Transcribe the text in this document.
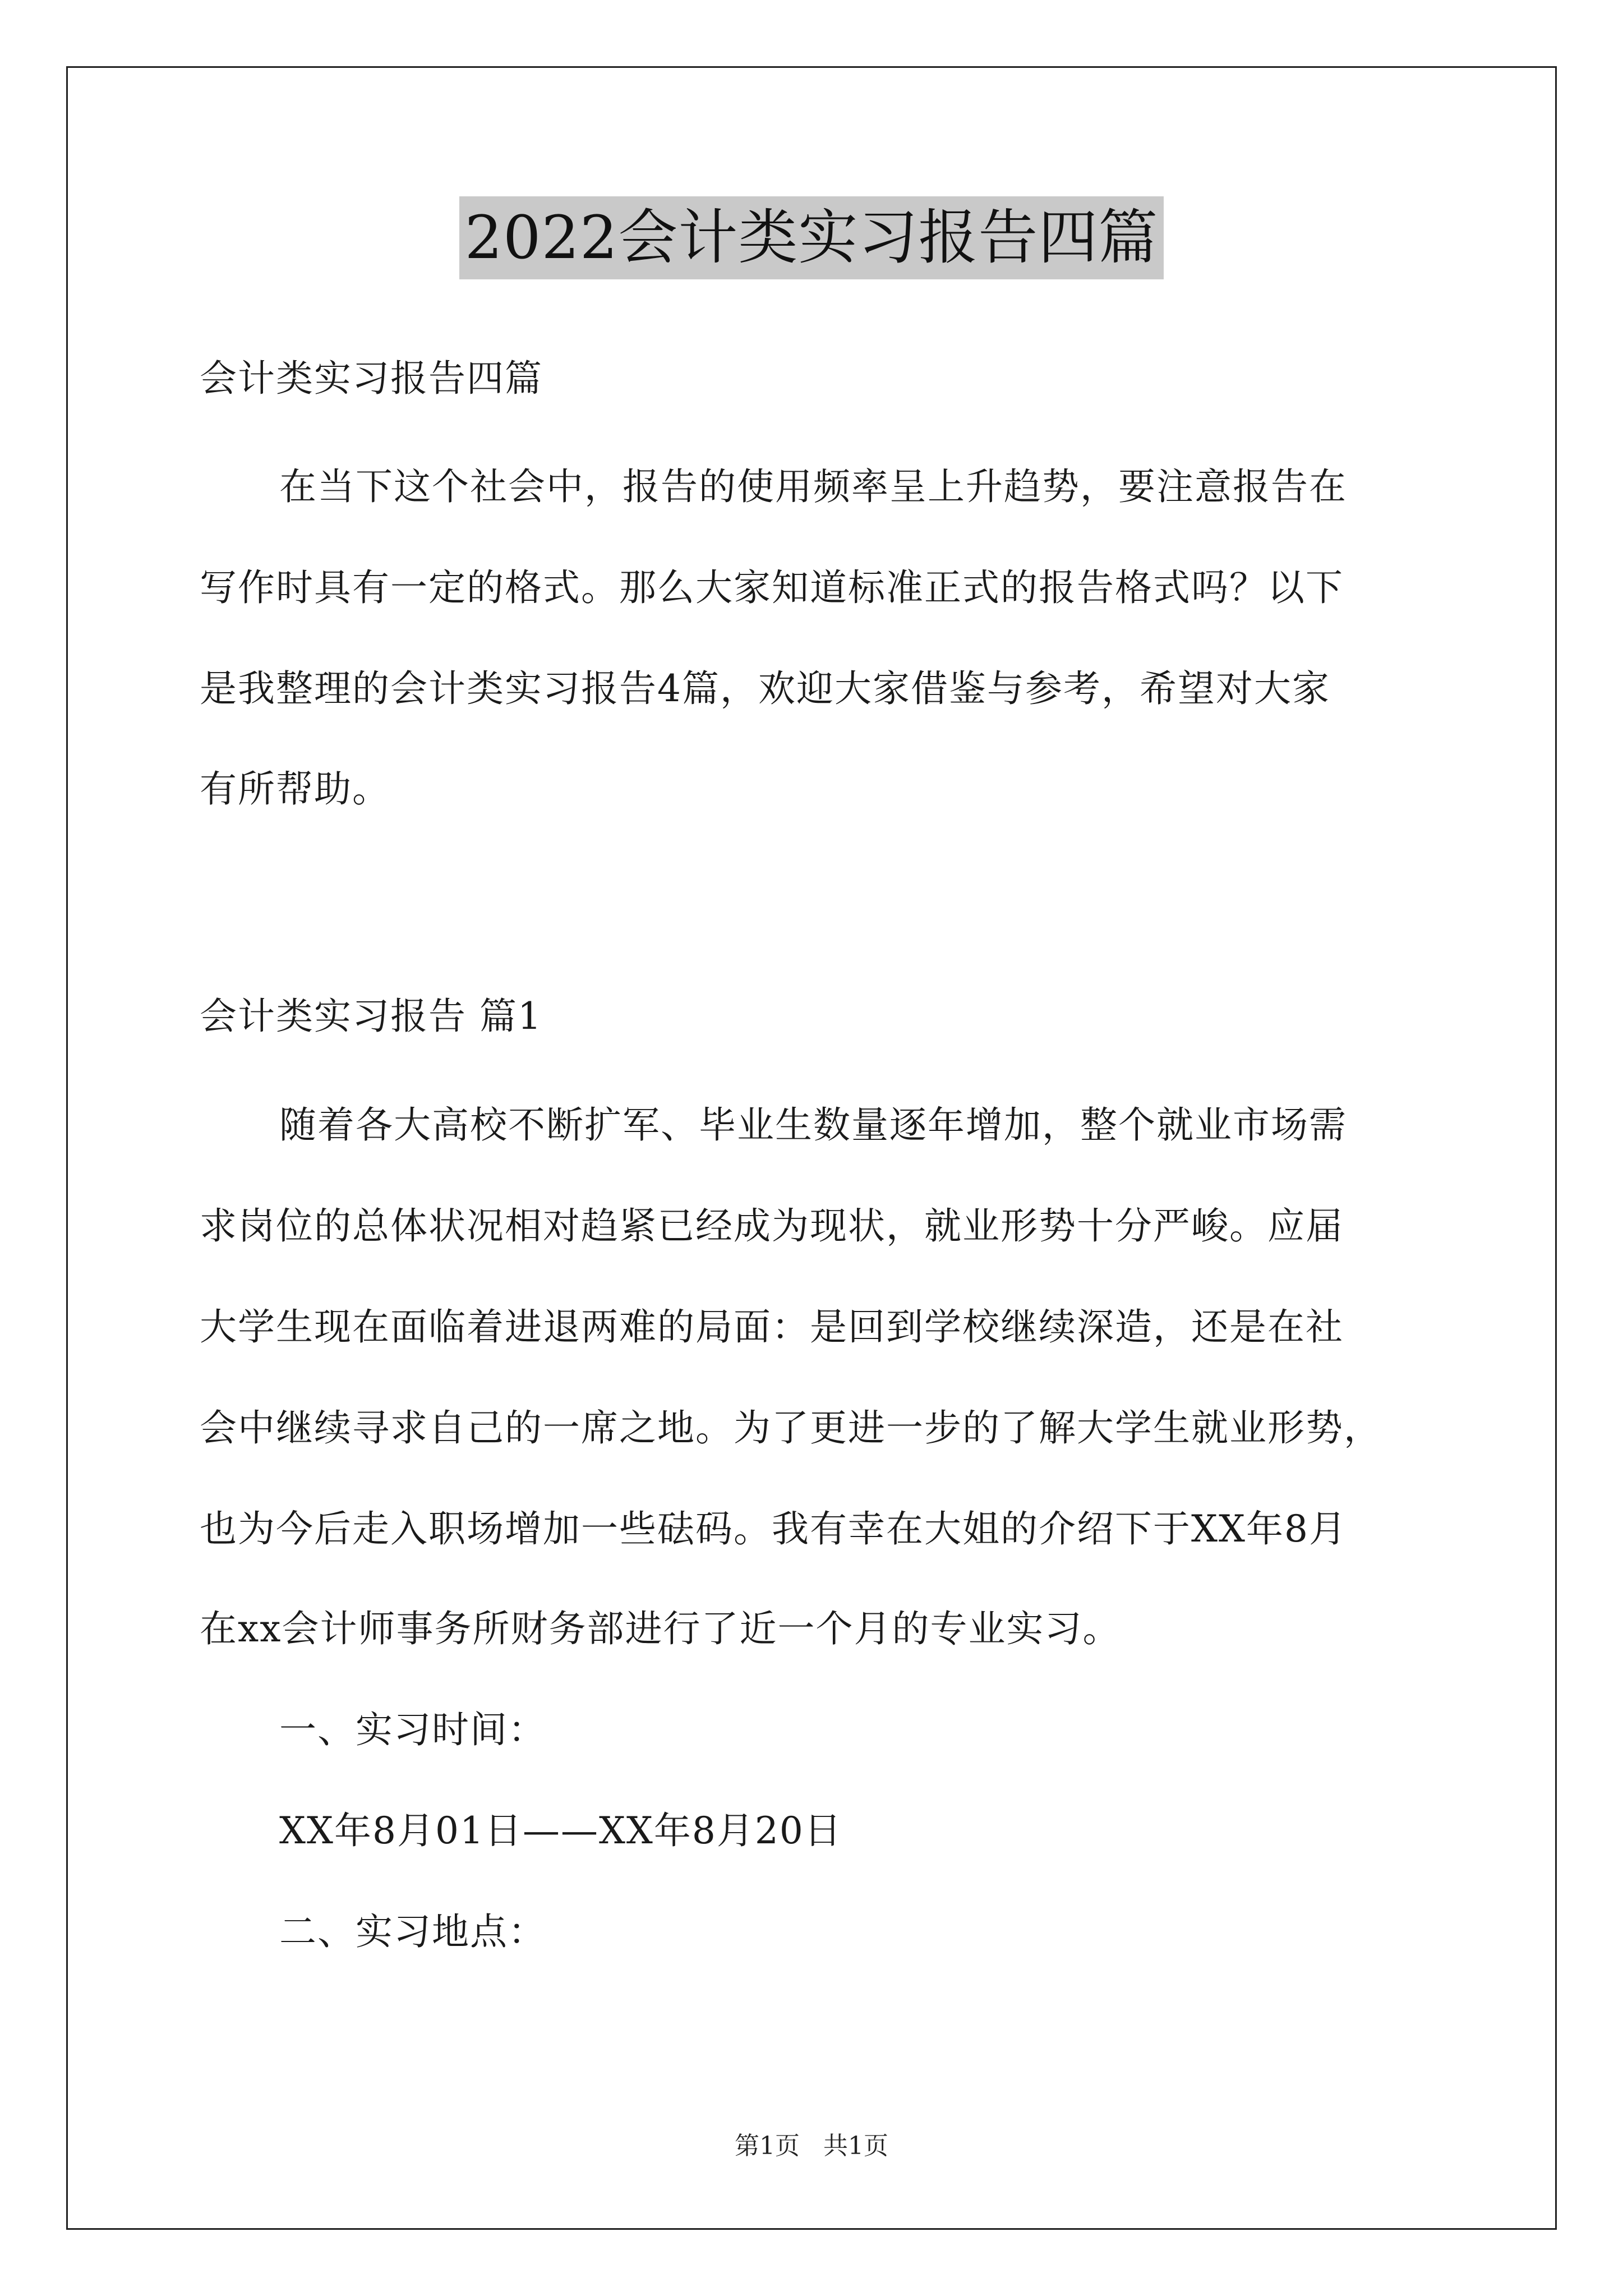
2022会计类实习报告四篇
会计类实习报告四篇
在当下这个社会中，报告的使用频率呈上升趋势，要注意报告在
写作时具有一定的格式。那么大家知道标准正式的报告格式吗？以下
是我整理的会计类实习报告4篇，欢迎大家借鉴与参考，希望对大家
有所帮助。
会计类实习报告 篇1
随着各大高校不断扩军、毕业生数量逐年增加，整个就业市场需
求岗位的总体状况相对趋紧已经成为现状，就业形势十分严峻。应届
大学生现在面临着进退两难的局面：是回到学校继续深造，还是在社
会中继续寻求自己的一席之地。为了更进一步的了解大学生就业形势，
也为今后走入职场增加一些砝码。我有幸在大姐的介绍下于XX年8月
在xx会计师事务所财务部进行了近一个月的专业实习。
一、实习时间：
XX年8月01日——XX年8月20日
二、实习地点：
第1页 共1页
